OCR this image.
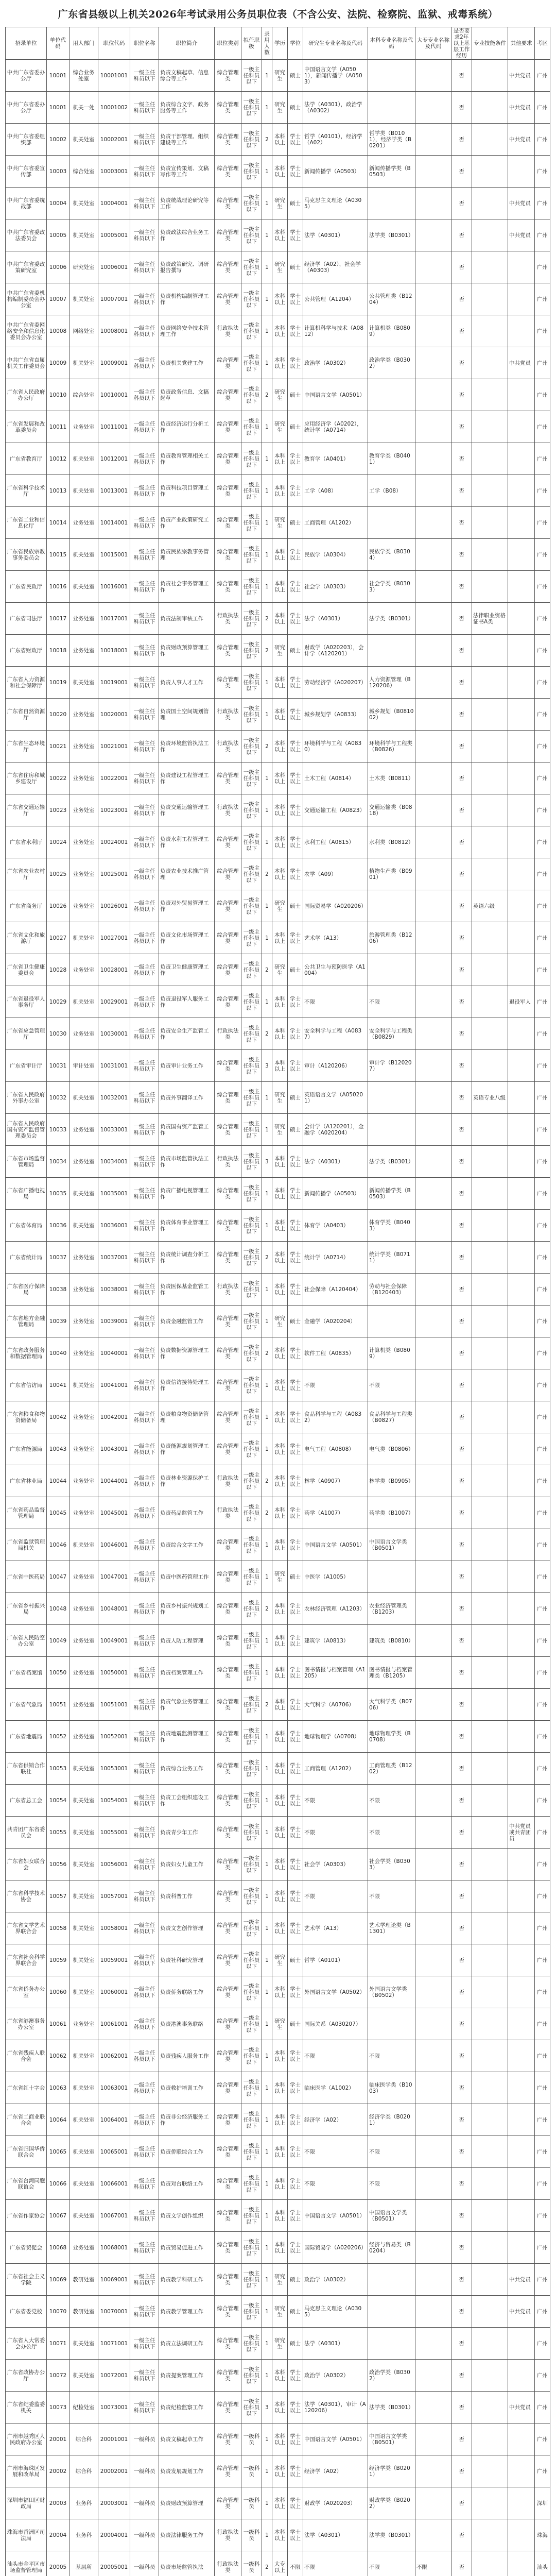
广东省县级以上机关2026年考试录用公务员职位表（不含公安、法院、检察院、监狱、戒毒系统）
招录单位	单位代码	用人部门	职位代码	职位名称	职位简介	职位类别	拟任职级	录用人数	学历	学位	研究生专业名称及代码	本科专业名称及代码	大专专业名称及代码	是否要求2年以上基层工作经历	专业技能条件	其他要求	考区
中共广东省委办公厅	10001	综合业务处室	10001001	一级主任科员以下	负责文稿起草、信息综合等工作	综合管理类	一级主任科员以下	1	研究生	硕士	中国语言文学（A0501），新闻传播学（A0503）			否		中共党员	广州
中共广东省委办公厅	10001	机关一处	10001002	一级主任科员以下	负责综合文字、政务服务等工作	综合管理类	一级主任科员以下	1	研究生	硕士	法学（A0301），政治学（A0302）			否		中共党员	广州
中共广东省委组织部	10002	机关处室	10002001	一级主任科员以下	负责干部管理、组织建设等工作	综合管理类	一级主任科员以下	2	本科以上	学士以上	哲学（A0101），经济学（A02）	哲学类（B0101），经济学类（B0201）		否		中共党员	广州
中共广东省委宣传部	10003	综合处室	10003001	一级主任科员以下	负责宣传策划、文稿写作等工作	综合管理类	一级主任科员以下	1	本科以上	学士以上	新闻传播学（A0503）	新闻传播学类（B0503）		否			广州
中共广东省委统战部	10004	机关处室	10004001	一级主任科员以下	负责统战理论研究等工作	综合管理类	一级主任科员以下	1	研究生	硕士	马克思主义理论（A0305）			否		中共党员	广州
中共广东省委政法委员会	10005	机关处室	10005001	一级主任科员以下	负责政法综合业务工作	综合管理类	一级主任科员以下	1	本科以上	学士以上	法学（A0301）	法学类（B0301）		否		中共党员	广州
中共广东省委政策研究室	10006	研究处室	10006001	一级主任科员以下	负责政策研究、调研报告撰写	综合管理类	一级主任科员以下	1	研究生	硕士	经济学（A02），社会学（A0303）			否			广州
中共广东省委机构编制委员会办公室	10007	机关处室	10007001	一级主任科员以下	负责机构编制管理工作	综合管理类	一级主任科员以下	1	本科以上	学士以上	公共管理（A1204）	公共管理类（B1204）		否			广州
中共广东省委网络安全和信息化委员会办公室	10008	网络处室	10008001	一级主任科员以下	负责网络安全技术管理工作	行政执法类	一级主任科员以下	1	本科以上	学士以上	计算机科学与技术（A0812）	计算机类（B0809）		否			广州
中共广东省直属机关工作委员会	10009	机关处室	10009001	一级主任科员以下	负责机关党建工作	综合管理类	一级主任科员以下	1	本科以上	学士以上	政治学（A0302）	政治学类（B0302）		否		中共党员	广州
广东省人民政府办公厅	10010	综合处室	10010001	一级主任科员以下	负责政务信息、文稿起草	综合管理类	一级主任科员以下	2	研究生	硕士	中国语言文学（A0501）			否			广州
广东省发展和改革委员会	10011	业务处室	10011001	一级主任科员以下	负责经济运行分析工作	综合管理类	一级主任科员以下	1	研究生	硕士	应用经济学（A0202），统计学（A0714）			否			广州
广东省教育厅	10012	机关处室	10012001	一级主任科员以下	负责教育管理相关工作	综合管理类	一级主任科员以下	1	本科以上	学士以上	教育学（A0401）	教育学类（B0401）		否			广州
广东省科学技术厅	10013	机关处室	10013001	一级主任科员以下	负责科技项目管理工作	综合管理类	一级主任科员以下	1	本科以上	学士以上	工学（A08）	工学（B08）		否			广州
广东省工业和信息化厅	10014	业务处室	10014001	一级主任科员以下	负责产业政策研究工作	综合管理类	一级主任科员以下	1	研究生	硕士	工商管理（A1202）			否			广州
广东省民族宗教事务委员会	10015	机关处室	10015001	一级主任科员以下	负责民族宗教事务管理	综合管理类	一级主任科员以下	1	本科以上	学士以上	民族学（A0304）	民族学类（B0304）		否			广州
广东省民政厅	10016	机关处室	10016001	一级主任科员以下	负责社会事务管理工作	综合管理类	一级主任科员以下	1	本科以上	学士以上	社会学（A0303）	社会学类（B0303）		否			广州
广东省司法厅	10017	业务处室	10017001	一级主任科员以下	负责法制审核工作	行政执法类	一级主任科员以下	2	本科以上	学士以上	法学（A0301）	法学类（B0301）		否	法律职业资格证书A类		广州
广东省财政厅	10018	业务处室	10018001	一级主任科员以下	负责财政预算管理工作	综合管理类	一级主任科员以下	2	研究生	硕士	财政学（A020203），会计学（A120201）			否			广州
广东省人力资源和社会保障厅	10019	机关处室	10019001	一级主任科员以下	负责人事人才工作	综合管理类	一级主任科员以下	1	本科以上	学士以上	劳动经济学（A020207）	人力资源管理（B120206）		否			广州
广东省自然资源厅	10020	业务处室	10020001	一级主任科员以下	负责国土空间规划管理	行政执法类	一级主任科员以下	1	本科以上	学士以上	城乡规划学（A0833）	城乡规划（B081002）		否			广州
广东省生态环境厅	10021	业务处室	10021001	一级主任科员以下	负责环境监管执法工作	行政执法类	一级主任科员以下	2	本科以上	学士以上	环境科学与工程（A0830）	环境科学与工程类（B0826）		否			广州
广东省住房和城乡建设厅	10022	业务处室	10022001	一级主任科员以下	负责建设工程管理工作	综合管理类	一级主任科员以下	1	本科以上	学士以上	土木工程（A0814）	土木类（B0811）		否			广州
广东省交通运输厅	10023	业务处室	10023001	一级主任科员以下	负责交通运输管理工作	行政执法类	一级主任科员以下	1	本科以上	学士以上	交通运输工程（A0823）	交通运输类（B0818）		否			广州
广东省水利厅	10024	业务处室	10024001	一级主任科员以下	负责水利工程管理工作	综合管理类	一级主任科员以下	1	本科以上	学士以上	水利工程（A0815）	水利类（B0812）		否			广州
广东省农业农村厅	10025	业务处室	10025001	一级主任科员以下	负责农业技术推广管理	综合管理类	一级主任科员以下	2	本科以上	学士以上	农学（A09）	植物生产类（B0901）		否			广州
广东省商务厅	10026	业务处室	10026001	一级主任科员以下	负责对外贸易管理工作	综合管理类	一级主任科员以下	1	研究生	硕士	国际贸易学（A020206）			否	英语六级		广州
广东省文化和旅游厅	10027	机关处室	10027001	一级主任科员以下	负责文化市场管理工作	综合管理类	一级主任科员以下	1	本科以上	学士以上	艺术学（A13）	旅游管理类（B1206）		否			广州
广东省卫生健康委员会	10028	业务处室	10028001	一级主任科员以下	负责卫生健康管理工作	综合管理类	一级主任科员以下	2	研究生	硕士	公共卫生与预防医学（A1004）			否			广州
广东省退役军人事务厅	10029	机关处室	10029001	一级主任科员以下	负责退役军人服务工作	综合管理类	一级主任科员以下	1	本科以上	学士以上	不限	不限		否		退役军人	广州
广东省应急管理厅	10030	业务处室	10030001	一级主任科员以下	负责安全生产监管工作	行政执法类	一级主任科员以下	2	本科以上	学士以上	安全科学与工程（A0837）	安全科学与工程类（B0829）		否			广州
广东省审计厅	10031	审计处室	10031001	一级主任科员以下	负责审计业务工作	综合管理类	一级主任科员以下	3	本科以上	学士以上	审计（A120206）	审计学（B120207）		否			广州
广东省人民政府外事办公室	10032	机关处室	10032001	一级主任科员以下	负责外事翻译工作	综合管理类	一级主任科员以下	1	研究生	硕士	英语语言文学（A050201）			否	英语专业八级		广州
广东省人民政府国有资产监督管理委员会	10033	业务处室	10033001	一级主任科员以下	负责国有资产监管工作	综合管理类	一级主任科员以下	1	研究生	硕士	会计学（A120201），金融学（A020204）			否			广州
广东省市场监督管理局	10034	业务处室	10034001	一级主任科员以下	负责市场监管执法工作	行政执法类	一级主任科员以下	3	本科以上	学士以上	法学（A0301）	法学类（B0301）		否			广州
广东省广播电视局	10035	机关处室	10035001	一级主任科员以下	负责广播电视管理工作	综合管理类	一级主任科员以下	1	本科以上	学士以上	新闻传播学（A0503）	新闻传播学类（B0503）		否			广州
广东省体育局	10036	机关处室	10036001	一级主任科员以下	负责体育事业管理工作	综合管理类	一级主任科员以下	1	本科以上	学士以上	体育学（A0403）	体育学类（B0403）		否			广州
广东省统计局	10037	业务处室	10037001	一级主任科员以下	负责统计调查分析工作	综合管理类	一级主任科员以下	2	本科以上	学士以上	统计学（A0714）	统计学类（B0711）		否			广州
广东省医疗保障局	10038	业务处室	10038001	一级主任科员以下	负责医保基金监管工作	行政执法类	一级主任科员以下	1	本科以上	学士以上	社会保障（A120404）	劳动与社会保障（B120403）		否			广州
广东省地方金融管理局	10039	业务处室	10039001	一级主任科员以下	负责金融监管工作	综合管理类	一级主任科员以下	1	研究生	硕士	金融学（A020204）			否			广州
广东省政务服务和数据管理局	10040	业务处室	10040001	一级主任科员以下	负责数据资源管理工作	综合管理类	一级主任科员以下	2	本科以上	学士以上	软件工程（A0835）	计算机类（B0809）		否			广州
广东省信访局	10041	机关处室	10041001	一级主任科员以下	负责信访接待处理工作	综合管理类	一级主任科员以下	1	本科以上	学士以上	不限	不限		否			广州
广东省粮食和物资储备局	10042	业务处室	10042001	一级主任科员以下	负责粮食物资储备管理	综合管理类	一级主任科员以下	1	本科以上	学士以上	食品科学与工程（A0832）	食品科学与工程类（B0827）		否			广州
广东省能源局	10043	业务处室	10043001	一级主任科员以下	负责能源规划管理工作	综合管理类	一级主任科员以下	1	本科以上	学士以上	电气工程（A0808）	电气类（B0806）		否			广州
广东省林业局	10044	业务处室	10044001	一级主任科员以下	负责林业资源保护工作	行政执法类	一级主任科员以下	2	本科以上	学士以上	林学（A0907）	林学类（B0905）		否			广州
广东省药品监督管理局	10045	业务处室	10045001	一级主任科员以下	负责药品监管工作	行政执法类	一级主任科员以下	2	本科以上	学士以上	药学（A1007）	药学类（B1007）		否			广州
广东省监狱管理局机关	10046	机关处室	10046001	一级主任科员以下	负责综合文字工作	综合管理类	一级主任科员以下	1	本科以上	学士以上	中国语言文学（A0501）	中国语言文学类（B0501）		否			广州
广东省中医药局	10047	业务处室	10047001	一级主任科员以下	负责中医药管理工作	综合管理类	一级主任科员以下	1	研究生	硕士	中医学（A1005）			否			广州
广东省乡村振兴局	10048	业务处室	10048001	一级主任科员以下	负责乡村振兴规划工作	综合管理类	一级主任科员以下	2	本科以上	学士以上	农林经济管理（A1203）	农业经济管理类（B1203）		否			广州
广东省人民防空办公室	10049	业务处室	10049001	一级主任科员以下	负责人防工程管理	综合管理类	一级主任科员以下	1	本科以上	学士以上	建筑学（A0813）	建筑类（B0810）		否			广州
广东省档案馆	10050	业务处室	10050001	一级主任科员以下	负责档案管理工作	综合管理类	一级主任科员以下	1	本科以上	学士以上	图书情报与档案管理（A1205）	图书情报与档案管理类（B1205）		否			广州
广东省气象局	10051	业务处室	10051001	一级主任科员以下	负责气象业务管理工作	综合管理类	一级主任科员以下	2	本科以上	学士以上	大气科学（A0706）	大气科学类（B0706）		否			广州
广东省地震局	10052	业务处室	10052001	一级主任科员以下	负责地震监测管理工作	综合管理类	一级主任科员以下	1	本科以上	学士以上	地球物理学（A0708）	地球物理学类（B0708）		否			广州
广东省供销合作联社	10053	机关处室	10053001	一级主任科员以下	负责综合业务工作	综合管理类	一级主任科员以下	1	本科以上	学士以上	工商管理（A1202）	工商管理类（B1202）		否			广州
广东省总工会	10054	机关处室	10054001	一级主任科员以下	负责工会组织建设工作	综合管理类	一级主任科员以下	1	本科以上	学士以上	不限	不限		否			广州
共青团广东省委员会	10055	机关处室	10055001	一级主任科员以下	负责青少年工作	综合管理类	一级主任科员以下	1	本科以上	学士以上	不限	不限		否		中共党员或共青团员	广州
广东省妇女联合会	10056	机关处室	10056001	一级主任科员以下	负责妇女儿童工作	综合管理类	一级主任科员以下	1	本科以上	学士以上	社会学（A0303）	社会学类（B0303）		否			广州
广东省科学技术协会	10057	机关处室	10057001	一级主任科员以下	负责科普工作	综合管理类	一级主任科员以下	1	本科以上	学士以上	不限	不限		否			广州
广东省文学艺术界联合会	10058	机关处室	10058001	一级主任科员以下	负责文艺创作管理	综合管理类	一级主任科员以下	1	本科以上	学士以上	艺术学（A13）	艺术学理论类（B1301）		否			广州
广东省社会科学界联合会	10059	机关处室	10059001	一级主任科员以下	负责社科研究管理	综合管理类	一级主任科员以下	1	研究生	硕士	哲学（A0101）			否			广州
广东省侨务办公室	10060	机关处室	10060001	一级主任科员以下	负责侨务联络工作	综合管理类	一级主任科员以下	1	本科以上	学士以上	外国语言文学（A0502）	外国语言文学类（B0502）		否			广州
广东省港澳事务办公室	10061	业务处室	10061001	一级主任科员以下	负责港澳事务联络	综合管理类	一级主任科员以下	1	研究生	硕士	国际关系（A030207）			否			广州
广东省残疾人联合会	10062	机关处室	10062001	一级主任科员以下	负责残疾人服务工作	综合管理类	一级主任科员以下	1	本科以上	学士以上	不限	不限		否			广州
广东省红十字会	10063	机关处室	10063001	一级主任科员以下	负责救护培训工作	综合管理类	一级主任科员以下	1	本科以上	学士以上	临床医学（A1002）	临床医学类（B1003）		否			广州
广东省工商业联合会	10064	机关处室	10064001	一级主任科员以下	负责非公经济服务工作	综合管理类	一级主任科员以下	1	本科以上	学士以上	经济学（A02）	经济学类（B0201）		否			广州
广东省归国华侨联合会	10065	机关处室	10065001	一级主任科员以下	负责侨联综合工作	综合管理类	一级主任科员以下	1	本科以上	学士以上	不限	不限		否			广州
广东省台湾同胞联谊会	10066	机关处室	10066001	一级主任科员以下	负责对台联络工作	综合管理类	一级主任科员以下	1	本科以上	学士以上	不限	不限		否			广州
广东省作家协会	10067	机关处室	10067001	一级主任科员以下	负责文学创作组织	综合管理类	一级主任科员以下	1	本科以上	学士以上	中国语言文学（A0501）	中国语言文学类（B0501）		否			广州
广东省贸促会	10068	业务处室	10068001	一级主任科员以下	负责贸易促进工作	综合管理类	一级主任科员以下	1	本科以上	学士以上	国际贸易学（A020206）	经济与贸易类（B0204）		否			广州
广东省社会主义学院	10069	教研处室	10069001	一级主任科员以下	负责教学科研工作	综合管理类	一级主任科员以下	1	研究生	硕士	政治学（A0302）			否		中共党员	广州
广东省委党校	10070	教研处室	10070001	一级主任科员以下	负责教学管理工作	综合管理类	一级主任科员以下	1	研究生	硕士	马克思主义理论（A0305）			否		中共党员	广州
广东省人大常委会办公厅	10071	机关处室	10071001	一级主任科员以下	负责立法调研工作	综合管理类	一级主任科员以下	1	研究生	硕士	法学（A0301）			否			广州
广东省政协办公厅	10072	机关处室	10072001	一级主任科员以下	负责提案管理工作	综合管理类	一级主任科员以下	1	本科以上	学士以上	政治学（A0302）	政治学类（B0302）		否			广州
广东省纪委监委机关	10073	纪检处室	10073001	一级主任科员以下	负责纪检监察工作	综合管理类	一级主任科员以下	3	本科以上	学士以上	法学（A0301），审计（A120206）	法学类（B0301）		否		中共党员	广州
广州市越秀区人民政府办公室	20001	综合科	20001001	一级科员	负责文稿起草工作	综合管理类	一级科员	1	本科以上	学士以上	中国语言文学（A0501）	中国语言文学类（B0501）		否			广州
广州市海珠区发展和改革局	20002	综合科	20002001	一级科员	负责发展规划工作	综合管理类	一级科员	1	本科以上	学士以上	经济学（A02）	经济学类（B0201）		否			广州
深圳市福田区财政局	20003	业务科	20003001	一级科员	负责财政预算管理	综合管理类	一级科员	1	本科以上	学士以上	财政学（A020203）	财政学类（B0202）		否			深圳
珠海市香洲区司法局	20004	业务科	20004001	一级科员	负责法律服务工作	行政执法类	一级科员	1	本科以上	学士以上	法学（A0301）	法学类（B0301）		否			珠海
汕头市金平区市场监督管理局	20005	基层所	20005001	一级科员	负责市场监管执法	行政执法类	一级科员	2	大专以上	不限	不限	不限	不限	否			汕头
